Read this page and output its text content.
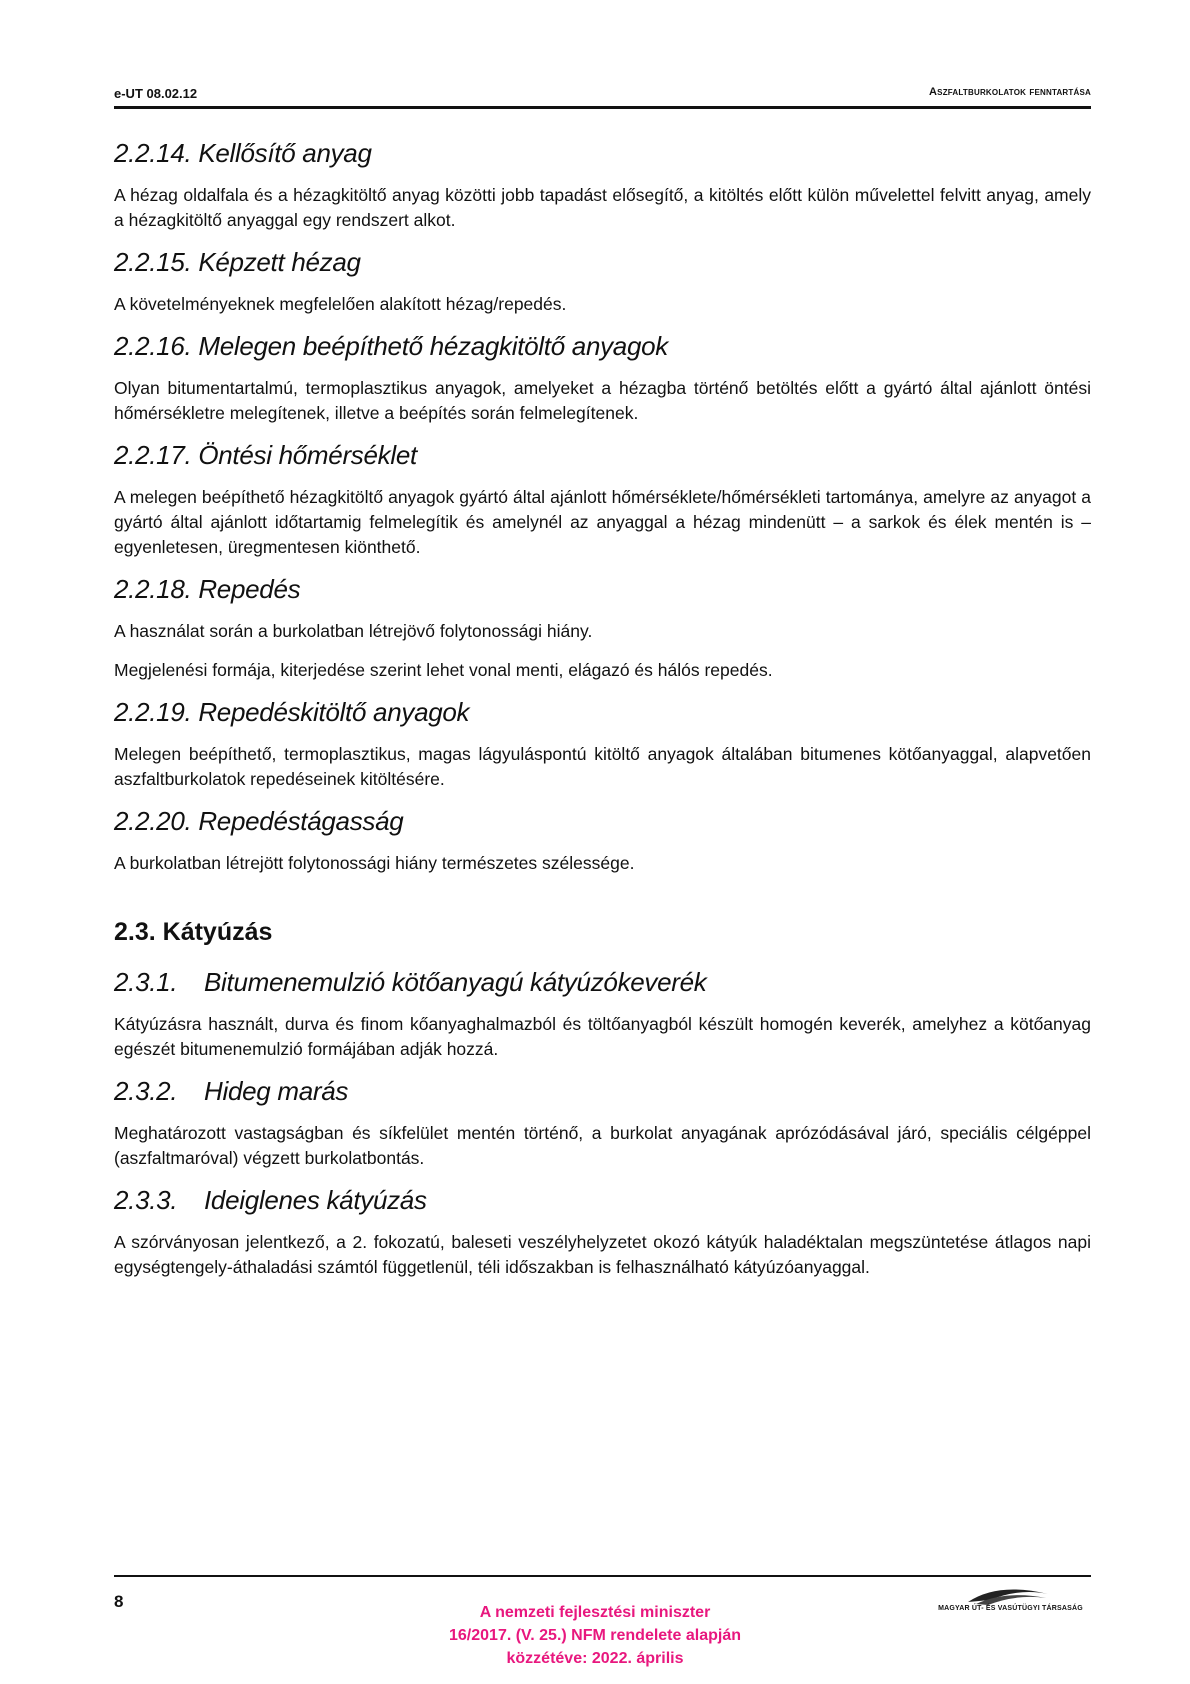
e-UT 08.02.12	Aszfaltburkolatok fenntartása
2.2.14. Kellősítő anyag

A hézag oldalfala és a hézagkitöltő anyag közötti jobb tapadást elősegítő, a kitöltés előtt külön művelettel felvitt anyag, amely a hézagkitöltő anyaggal egy rendszert alkot.

2.2.15. Képzett hézag

A követelményeknek megfelelően alakított hézag/repedés.

2.2.16. Melegen beépíthető hézagkitöltő anyagok

Olyan bitumentartalmú, termoplasztikus anyagok, amelyeket a hézagba történő betöltés előtt a gyártó által ajánlott öntési hőmérsékletre melegítenek, illetve a beépítés során felmelegítenek.

2.2.17. Öntési hőmérséklet

A melegen beépíthető hézagkitöltő anyagok gyártó által ajánlott hőmérséklete/hőmérsékleti tartománya, amelyre az anyagot a gyártó által ajánlott időtartamig felmelegítik és amelynél az anyaggal a hézag mindenütt – a sarkok és élek mentén is – egyenletesen, üregmentesen kiönthető.

2.2.18. Repedés

A használat során a burkolatban létrejövő folytonossági hiány.

Megjelenési formája, kiterjedése szerint lehet vonal menti, elágazó és hálós repedés.

2.2.19. Repedéskitöltő anyagok

Melegen beépíthető, termoplasztikus, magas lágyuláspontú kitöltő anyagok általában bitumenes kötőanyaggal, alapvetően aszfaltburkolatok repedéseinek kitöltésére.

2.2.20. Repedéstágasság

A burkolatban létrejött folytonossági hiány természetes szélessége.

2.3. Kátyúzás
2.3.1. Bitumenemulzió kötőanyagú kátyúzókeverék

Kátyúzásra használt, durva és finom kőanyaghalmazból és töltőanyagból készült homogén keverék, amelyhez a kötőanyag egészét bitumenemulzió formájában adják hozzá.

2.3.2. Hideg marás

Meghatározott vastagságban és síkfelület mentén történő, a burkolat anyagának aprózódásával járó, speciális célgéppel (aszfaltmaróval) végzett burkolatbontás.

2.3.3. Ideiglenes kátyúzás

A szórványosan jelentkező, a 2. fokozatú, baleseti veszélyhelyzetet okozó kátyúk haladéktalan megszüntetése átlagos napi egységtengely-áthaladási számtól függetlenül, téli időszakban is felhasználható kátyúzóanyaggal.

8
A nemzeti fejlesztési miniszter
16/2017. (V. 25.) NFM rendelete alapján
közzétéve: 2022. április
MAGYAR ÚT- ÉS VASÚTÜGYI TÁRSASÁG
